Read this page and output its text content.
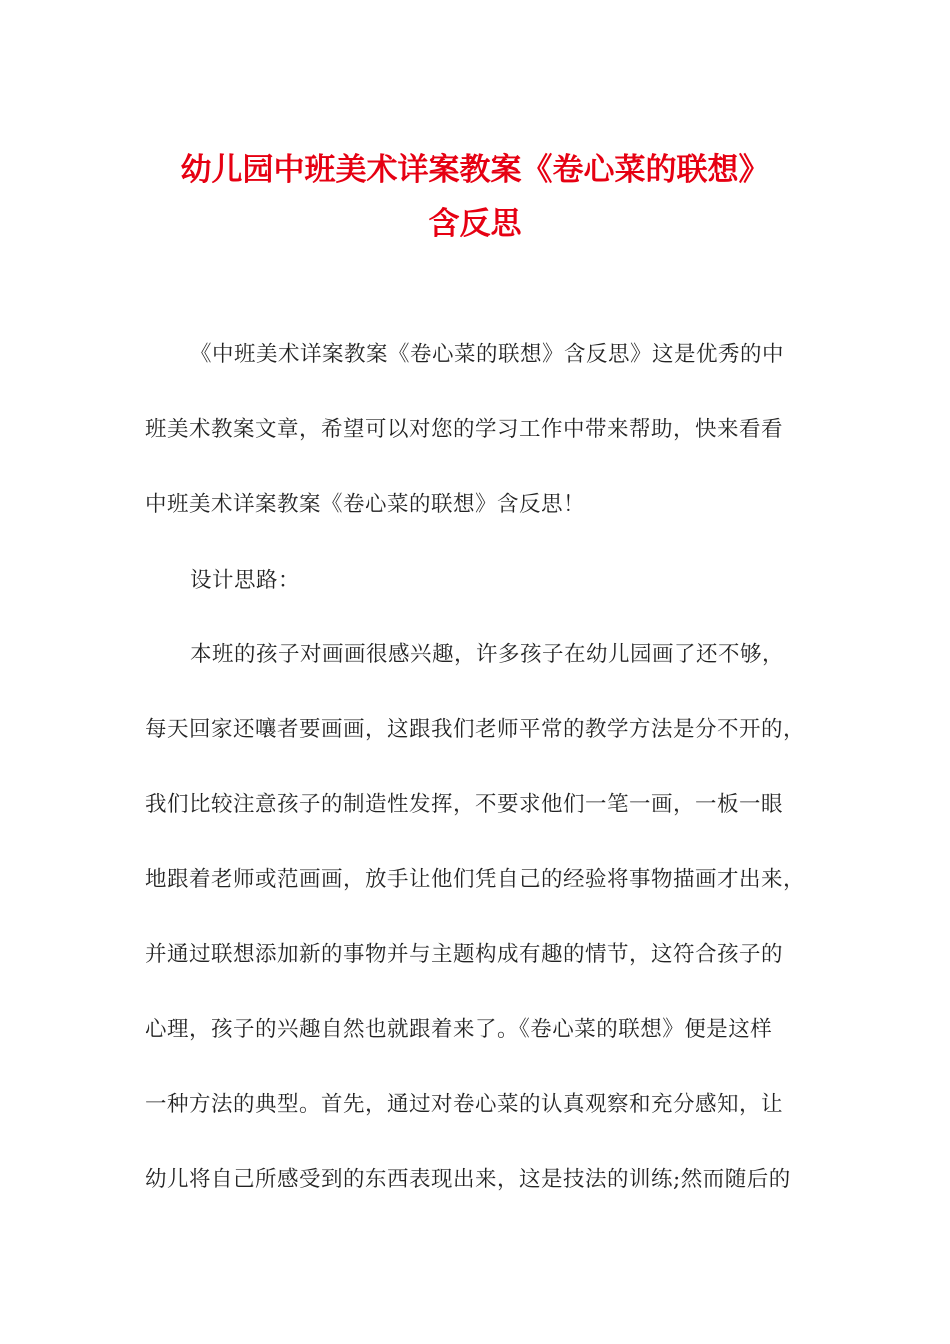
幼儿园中班美术详案教案《卷心菜的联想》
含反思
《中班美术详案教案《卷心菜的联想》含反思》这是优秀的中
班美术教案文章，希望可以对您的学习工作中带来帮助，快来看看
中班美术详案教案《卷心菜的联想》含反思！
设计思路：
本班的孩子对画画很感兴趣，许多孩子在幼儿园画了还不够，
每天回家还嚷者要画画，这跟我们老师平常的教学方法是分不开的，
我们比较注意孩子的制造性发挥，不要求他们一笔一画，一板一眼
地跟着老师或范画画，放手让他们凭自己的经验将事物描画才出来，
并通过联想添加新的事物并与主题构成有趣的情节，这符合孩子的
心理，孩子的兴趣自然也就跟着来了。《卷心菜的联想》便是这样
一种方法的典型。首先，通过对卷心菜的认真观察和充分感知，让
幼儿将自己所感受到的东西表现出来，这是技法的训练;然而随后的
